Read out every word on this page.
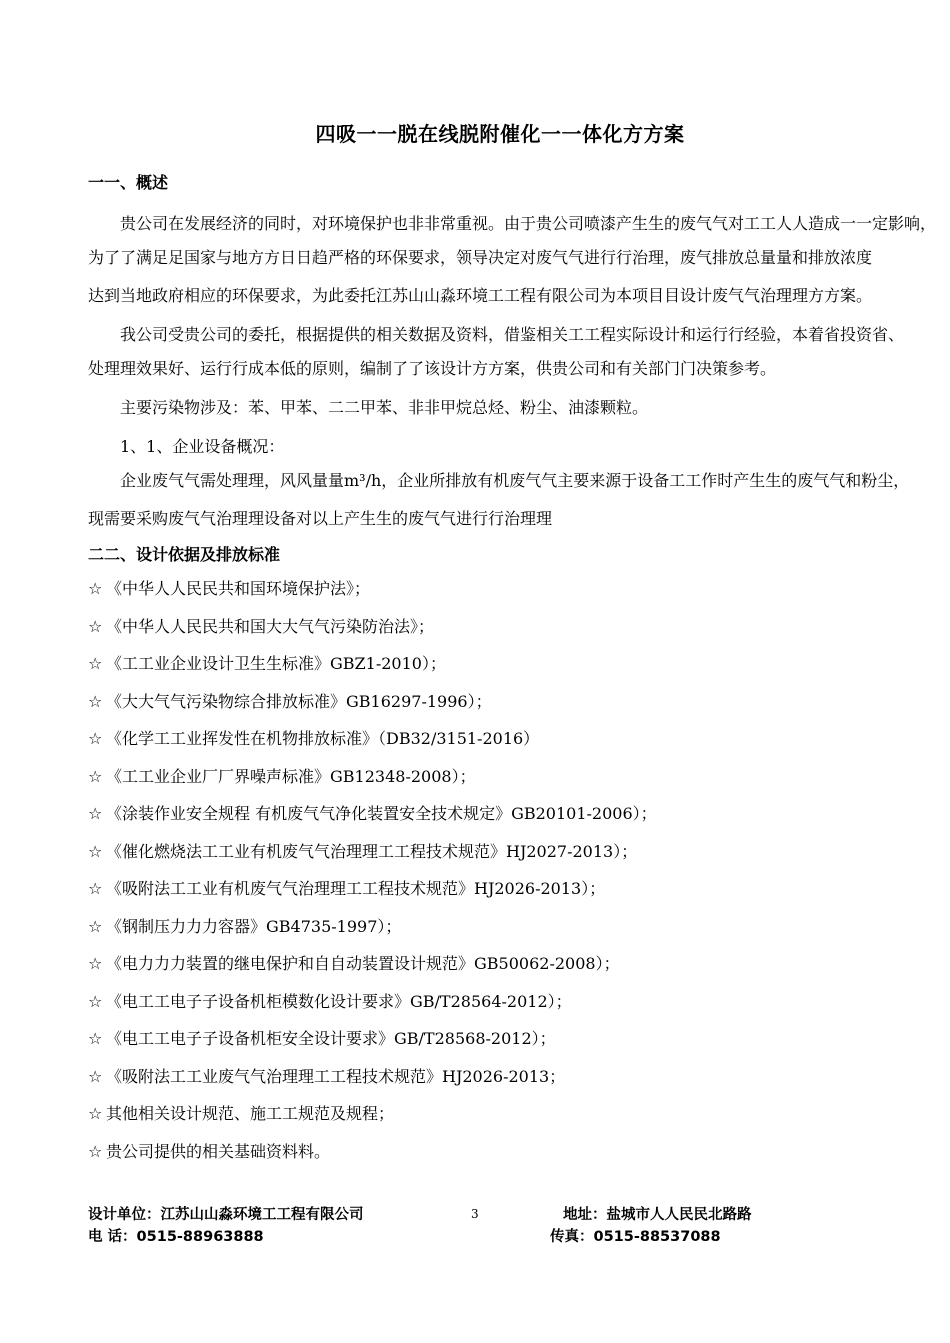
四吸一一脱在线脱附催化一一体化方方案
一一、概述
贵公司在发展经济的同时，对环境保护也非非常重视。由于贵公司喷漆产生生的废气气对工工人人造成一一定影响，
为了了满足足国家与地方方日日趋严格的环保要求，领导决定对废气气进行行治理，废气排放总量量和排放浓度
达到当地政府相应的环保要求，为此委托江苏山山淼环境工工程有限公司为本项目目设计废气气治理理方方案。
我公司受贵公司的委托，根据提供的相关数据及资料，借鉴相关工工程实际设计和运行行经验，本着省投资省、
处理理效果好、运行行成本低的原则，编制了了该设计方方案，供贵公司和有关部门门决策参考。
主要污染物涉及：苯、甲苯、二二甲苯、非非甲烷总烃、粉尘、油漆颗粒。
1、1、企业设备概况：
企业废气气需处理理，风风量量m³/h，企业所排放有机废气气主要来源于设备工工作时产生生的废气气和粉尘，
现需要采购废气气治理理设备对以上产生生的废气气进行行治理理
二二、设计依据及排放标准
☆ 《中华人人民民共和国环境保护法》；
☆ 《中华人人民民共和国大大气气污染防治法》；
☆ 《工工业企业设计卫生生标准》GBZ1-2010）；
☆ 《大大气气污染物综合排放标准》GB16297-1996）；
☆ 《化学工工业挥发性在机物排放标准》（DB32/3151-2016）
☆ 《工工业企业厂厂界噪声标准》GB12348-2008）；
☆ 《涂装作业安全规程 有机废气气净化装置安全技术规定》GB20101-2006）；
☆ 《催化燃烧法工工业有机废气气治理理工工程技术规范》HJ2027-2013）；
☆ 《吸附法工工业有机废气气治理理工工程技术规范》HJ2026-2013）；
☆ 《钢制压力力力容器》GB4735-1997）；
☆ 《电力力力装置的继电保护和自自动装置设计规范》GB50062-2008）；
☆ 《电工工电子子设备机柜模数化设计要求》GB/T28564-2012）；
☆ 《电工工电子子设备机柜安全设计要求》GB/T28568-2012）；
☆ 《吸附法工工业废气气治理理工工程技术规范》HJ2026-2013；
☆ 其他相关设计规范、施工工规范及规程；
☆ 贵公司提供的相关基础资料料。
设计单位：江苏山山淼环境工工程有限公司	3	地址：盐城市人人民民北路路
电 话：0515-88963888	传真：0515-88537088
